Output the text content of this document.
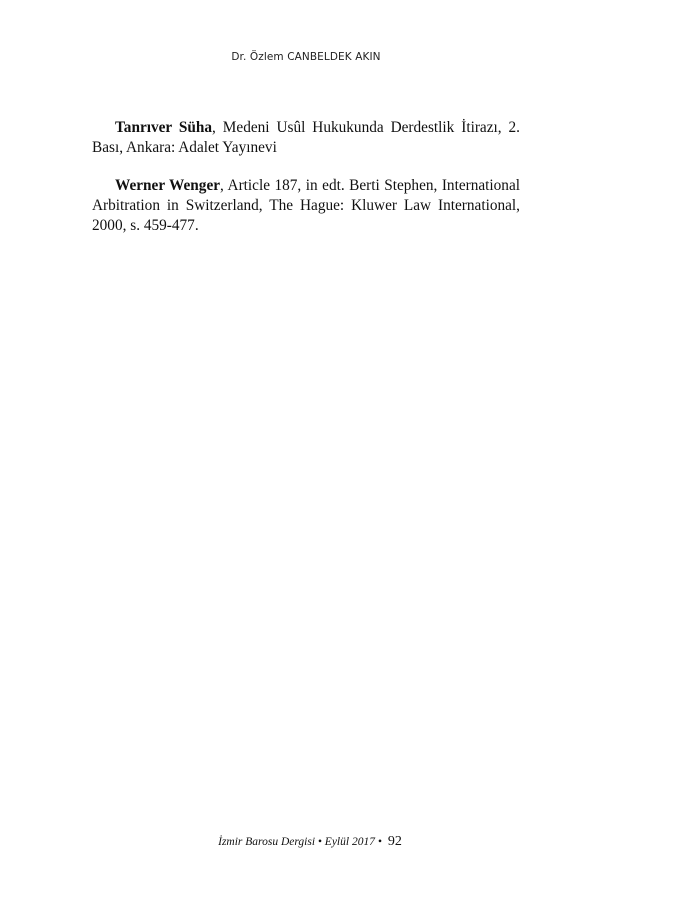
Dr. Özlem CANBELDEK AKIN

Tanrıver Süha, Medeni Usûl Hukukunda Derdestlik İtirazı, 2. Bası, Ankara: Adalet Yayınevi

Werner Wenger, Article 187, in edt. Berti Stephen, International Arbitration in Switzerland, The Hague: Kluwer Law International, 2000, s. 459-477.

İzmir Barosu Dergisi • Eylül 2017 • 92
